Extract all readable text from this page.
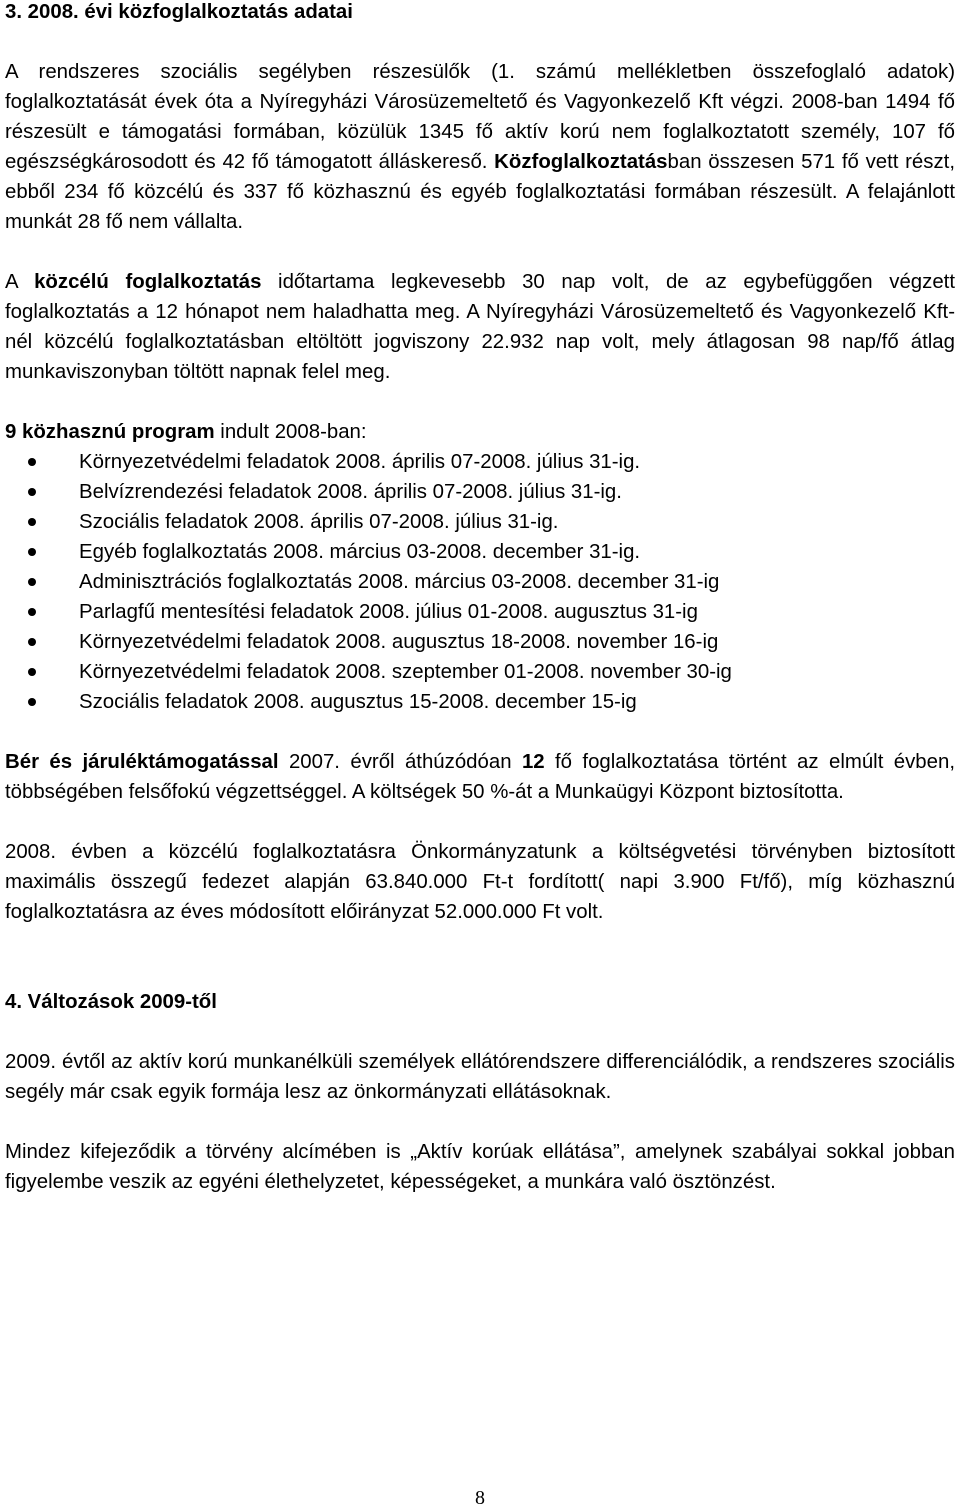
3. 2008. évi közfoglalkoztatás adatai

A rendszeres szociális segélyben részesülők (1. számú mellékletben összefoglaló adatok) foglalkoztatását évek óta a Nyíregyházi Városüzemeltető és Vagyonkezelő Kft végzi. 2008-ban 1494 fő részesült e támogatási formában, közülük 1345 fő aktív korú nem foglalkoztatott személy, 107 fő egészségkárosodott és 42 fő támogatott álláskereső. Közfoglalkoztatásban összesen 571 fő vett részt, ebből 234 fő közcélú és 337 fő közhasznú és egyéb foglalkoztatási formában részesült. A felajánlott munkát 28 fő nem vállalta.

A közcélú foglalkoztatás időtartama legkevesebb 30 nap volt, de az egybefüggően végzett foglalkoztatás a 12 hónapot nem haladhatta meg. A Nyíregyházi Városüzemeltető és Vagyonkezelő Kft-nél közcélú foglalkoztatásban eltöltött jogviszony 22.932 nap volt, mely átlagosan 98 nap/fő átlag munkaviszonyban töltött napnak felel meg.

9 közhasznú program indult 2008-ban:

Környezetvédelmi feladatok 2008. április 07-2008. július 31-ig.
Belvízrendezési feladatok 2008. április 07-2008. július 31-ig.
Szociális feladatok 2008. április 07-2008. július 31-ig.
Egyéb foglalkoztatás 2008. március 03-2008. december 31-ig.
Adminisztrációs foglalkoztatás 2008. március 03-2008. december 31-ig
Parlagfű mentesítési feladatok 2008. július 01-2008. augusztus 31-ig
Környezetvédelmi feladatok 2008. augusztus 18-2008. november 16-ig
Környezetvédelmi feladatok 2008. szeptember 01-2008. november 30-ig
Szociális feladatok 2008. augusztus 15-2008. december 15-ig

Bér és járuléktámogatással 2007. évről áthúzódóan 12 fő foglalkoztatása történt az elmúlt évben, többségében felsőfokú végzettséggel. A költségek 50 %-át a Munkaügyi Központ biztosította.

2008. évben a közcélú foglalkoztatásra Önkormányzatunk a költségvetési törvényben biztosított maximális összegű fedezet alapján 63.840.000 Ft-t fordított( napi 3.900 Ft/fő), míg közhasznú foglalkoztatásra az éves módosított előirányzat 52.000.000 Ft volt.

4. Változások 2009-től

2009. évtől az aktív korú munkanélküli személyek ellátórendszere differenciálódik, a rendszeres szociális segély már csak egyik formája lesz az önkormányzati ellátásoknak.

Mindez kifejeződik a törvény alcímében is „Aktív korúak ellátása”, amelynek szabályai sokkal jobban figyelembe veszik az egyéni élethelyzetet, képességeket, a munkára való ösztönzést.

8
